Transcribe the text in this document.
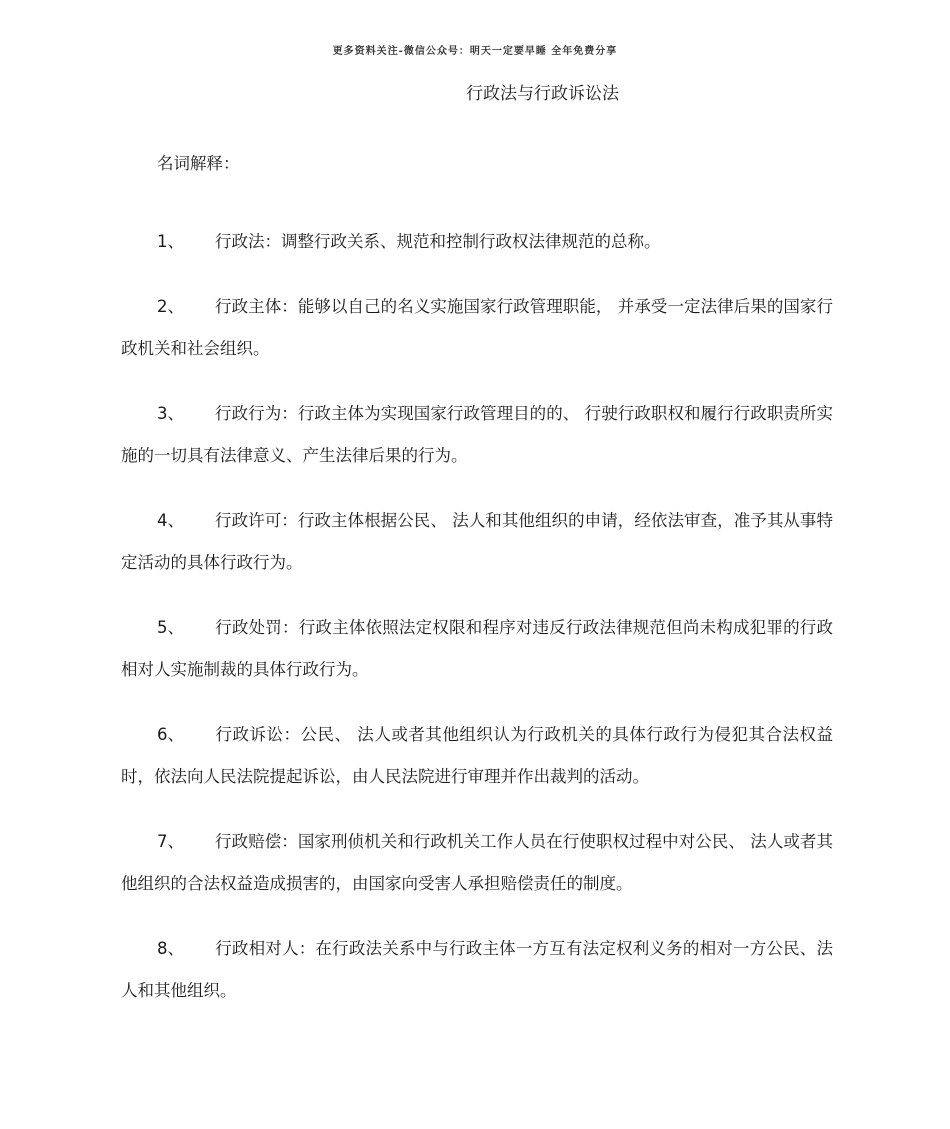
更多资料关注-微信公众号：明天一定要早睡 全年免费分享
行政法与行政诉讼法
名词解释：

1、 行政法：调整行政关系、规范和控制行政权法律规范的总称。

2、 行政主体：能够以自己的名义实施国家行政管理职能， 并承受一定法律后果的国家行政机关和社会组织。

3、 行政行为：行政主体为实现国家行政管理目的的、 行驶行政职权和履行行政职责所实施的一切具有法律意义、产生法律后果的行为。

4、 行政许可：行政主体根据公民、 法人和其他组织的申请，经依法审查，准予其从事特定活动的具体行政行为。

5、 行政处罚：行政主体依照法定权限和程序对违反行政法律规范但尚未构成犯罪的行政相对人实施制裁的具体行政行为。

6、 行政诉讼：公民、 法人或者其他组织认为行政机关的具体行政行为侵犯其合法权益时，依法向人民法院提起诉讼，由人民法院进行审理并作出裁判的活动。

7、 行政赔偿：国家刑侦机关和行政机关工作人员在行使职权过程中对公民、 法人或者其他组织的合法权益造成损害的，由国家向受害人承担赔偿责任的制度。

8、 行政相对人：在行政法关系中与行政主体一方互有法定权利义务的相对一方公民、法人和其他组织。
